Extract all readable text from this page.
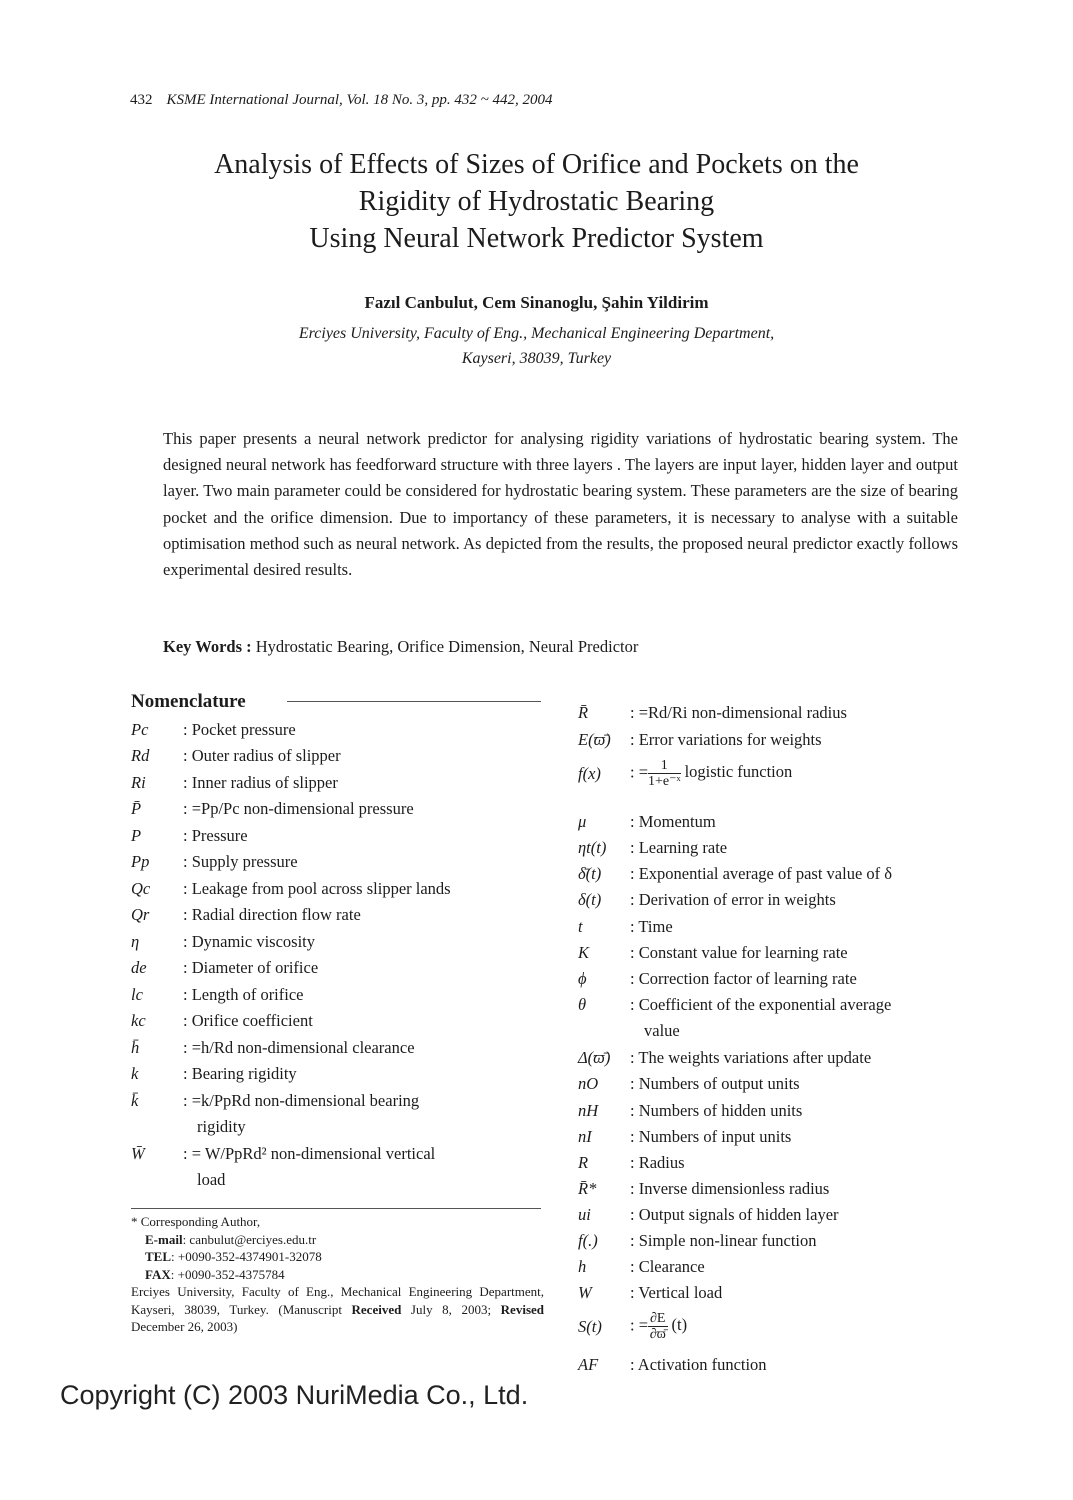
432 KSME International Journal, Vol. 18 No. 3, pp. 432 ~ 442, 2004
Analysis of Effects of Sizes of Orifice and Pockets on the
Rigidity of Hydrostatic Bearing
Using Neural Network Predictor System
Fazıl Canbulut, Cem Sinanoglu, Şahin Yildirim
Erciyes University, Faculty of Eng., Mechanical Engineering Department,
Kayseri, 38039, Turkey
This paper presents a neural network predictor for analysing rigidity variations of hydrostatic bearing system. The designed neural network has feedforward structure with three layers . The layers are input layer, hidden layer and output layer. Two main parameter could be considered for hydrostatic bearing system. These parameters are the size of bearing pocket and the orifice dimension. Due to importancy of these parameters, it is necessary to analyse with a suitable optimisation method such as neural network. As depicted from the results, the proposed neural predictor exactly follows experimental desired results.
Key Words : Hydrostatic Bearing, Orifice Dimension, Neural Predictor
Nomenclature
Pc	: Pocket pressure
Rd	: Outer radius of slipper
Ri	: Inner radius of slipper
P̄	: =Pp/Pc non-dimensional pressure
P	: Pressure
Pp	: Supply pressure
Qc	: Leakage from pool across slipper lands
Qr	: Radial direction flow rate
η	: Dynamic viscosity
de	: Diameter of orifice
lc	: Length of orifice
kc	: Orifice coefficient
h̄	: =h/Rd non-dimensional clearance
k	: Bearing rigidity
k̄	: =k/PpRd non-dimensional bearing
rigidity
W̄	: = W/PpRd² non-dimensional vertical
load
R̄	: =Rd/Ri non-dimensional radius
E(ϖ̄)	: Error variations for weights
f(x)	: = $\frac{1}{\text{1+e⁻ˣ}}$ logistic function
μ	: Momentum
ηt(t)	: Learning rate
δ̄(t)	: Exponential average of past value of δ
δ(t)	: Derivation of error in weights
t	: Time
K	: Constant value for learning rate
ϕ	: Correction factor of learning rate
θ	: Coefficient of the exponential average
value
Δ(ϖ̄)	: The weights variations after update
nO	: Numbers of output units
nH	: Numbers of hidden units
nI	: Numbers of input units
R	: Radius
R̄*	: Inverse dimensionless radius
ui	: Output signals of hidden layer
f(.)	: Simple non-linear function
h	: Clearance
W	: Vertical load
S(t)	: = $\frac{\partial E}{\partial ϖ̄} (t)$
AF	: Activation function
* Corresponding Author,
E-mail: canbulut@erciyes.edu.tr
TEL: +0090-352-4374901-32078
FAX: +0090-352-4375784
Erciyes University, Faculty of Eng., Mechanical Engineering Department, Kayseri, 38039, Turkey. (Manuscript Received July 8, 2003; Revised December 26, 2003)
Copyright (C) 2003 NuriMedia Co., Ltd.
